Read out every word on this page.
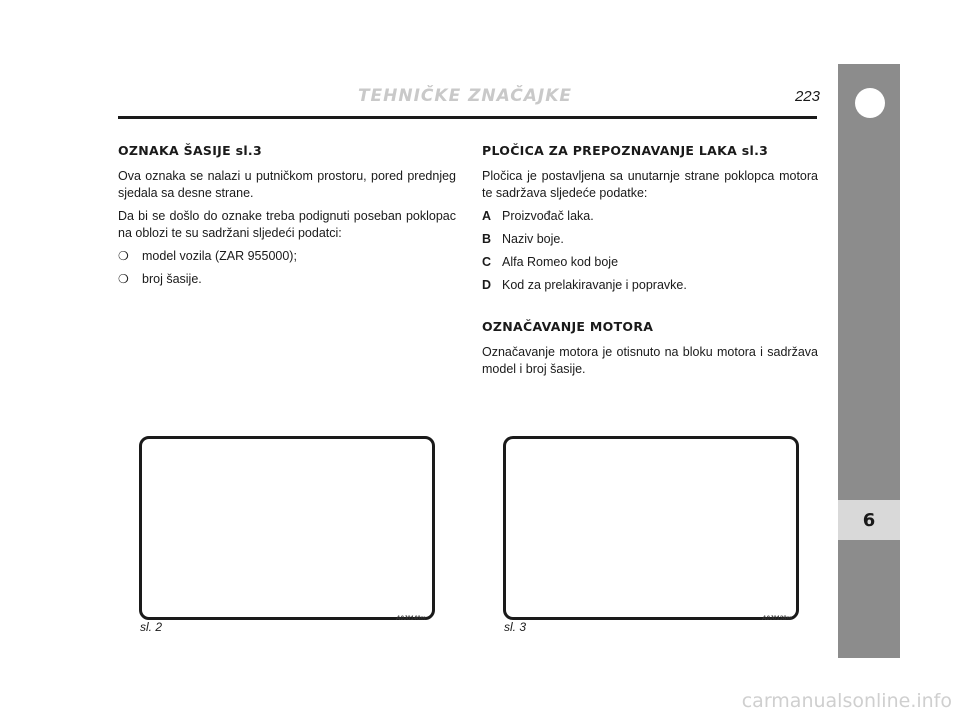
TEHNIČKE ZNAČAJKE	223
OZNAKA ŠASIJE sl.3

Ova oznaka se nalazi u putničkom prostoru, pored prednjeg sjedala sa desne strane.

Da bi se došlo do oznake treba podignuti poseban poklopac na oblozi te su sadržani sljedeći podatci:

❍	model vozila (ZAR 955000);
❍	broj šasije.
PLOČICA ZA PREPOZNAVANJE LAKA sl.3

Pločica je postavljena sa unutarnje strane poklopca motora te sadržava sljedeće podatke:

A Proizvođač laka.
B Naziv boje.
C Alfa Romeo kod boje
D Kod za prelakiravanje i popravke.
OZNAČAVANJE MOTORA

Označavanje motora je otisnuto na bloku motora i sadržava model i broj šasije.

sl. 2
A0J0140m
sl. 3
A0J0138m
6
carmanualsonline.info
